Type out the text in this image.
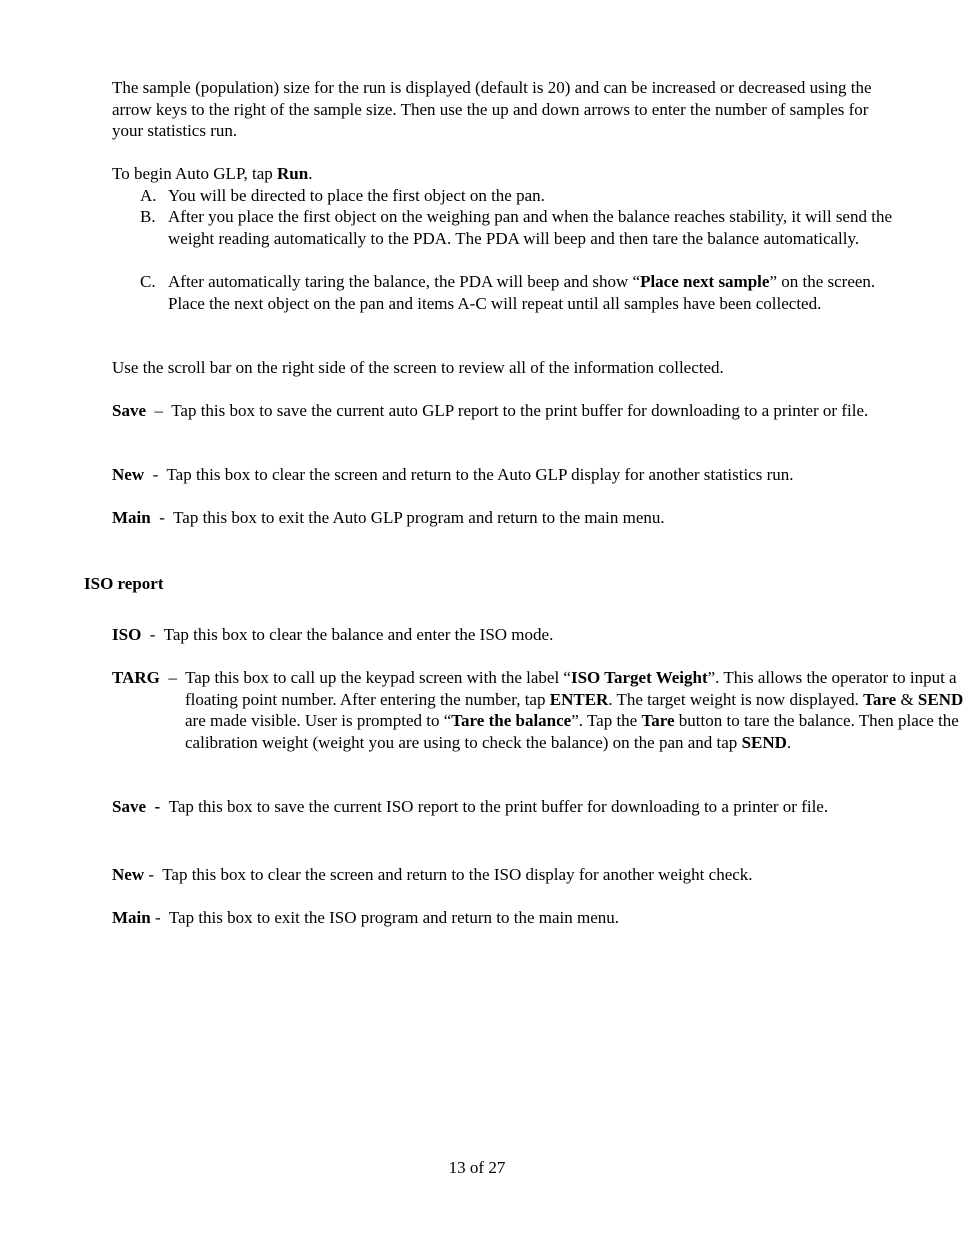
The sample (population) size for the run is displayed (default is 20) and can be increased or decreased using the arrow keys to the right of the sample size. Then use the up and down arrows to enter the number of samples for your statistics run.
To begin Auto GLP, tap Run.
A. You will be directed to place the first object on the pan.
B. After you place the first object on the weighing pan and when the balance reaches stability, it will send the weight reading automatically to the PDA. The PDA will beep and then tare the balance automatically.
C. After automatically taring the balance, the PDA will beep and show “Place next sample” on the screen. Place the next object on the pan and items A-C will repeat until all samples have been collected.
Use the scroll bar on the right side of the screen to review all of the information collected.
Save  –  Tap this box to save the current auto GLP report to the print buffer for downloading to a printer or file.
New  -  Tap this box to clear the screen and return to the Auto GLP display for another statistics run.
Main  -  Tap this box to exit the Auto GLP program and return to the main menu.
ISO report
ISO  -  Tap this box to clear the balance and enter the ISO mode.
TARG  –  Tap this box to call up the keypad screen with the label “ISO Target Weight”. This allows the operator to input a floating point number. After entering the number, tap ENTER. The target weight is now displayed. Tare & SEND are made visible. User is prompted to “Tare the balance”. Tap the Tare button to tare the balance. Then place the calibration weight (weight you are using to check the balance) on the pan and tap SEND.
Save  -  Tap this box to save the current ISO report to the print buffer for downloading to a printer or file.
New -  Tap this box to clear the screen and return to the ISO display for another weight check.
Main -  Tap this box to exit the ISO program and return to the main menu.
13 of 27
